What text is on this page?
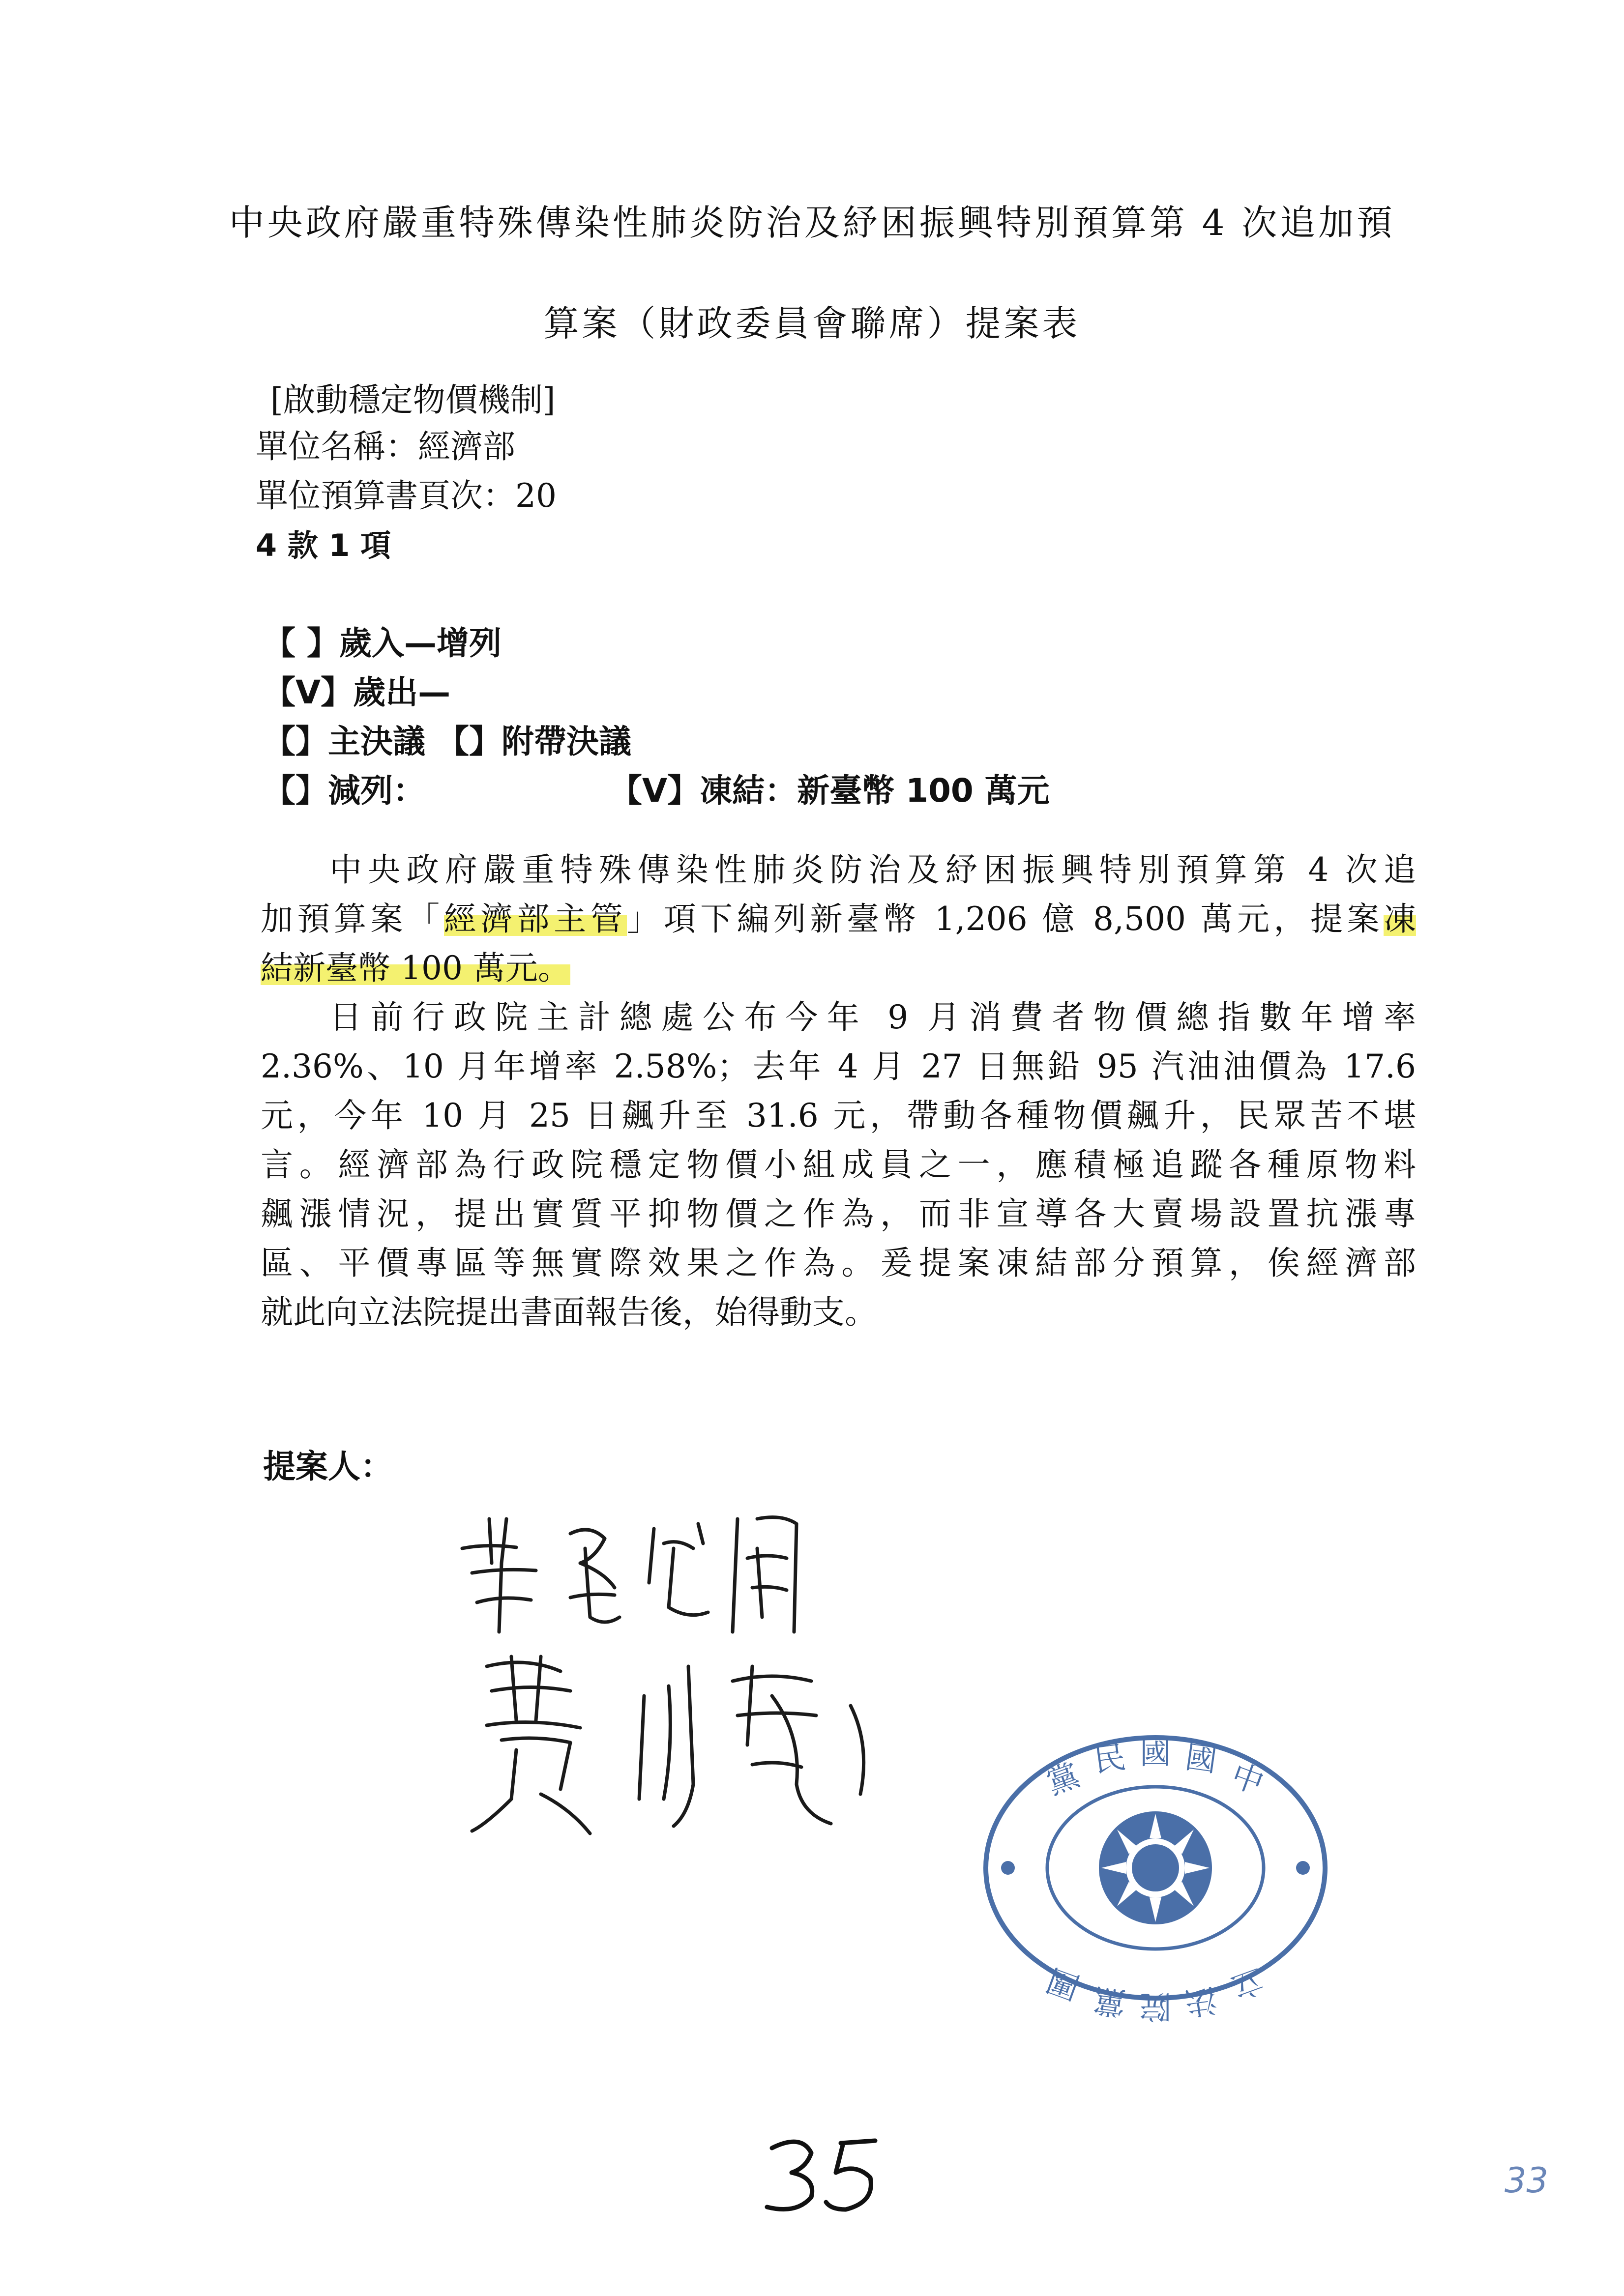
中央政府嚴重特殊傳染性肺炎防治及紓困振興特別預算第 4 次追加預
算案（財政委員會聯席）提案表
[啟動穩定物價機制]
單位名稱：經濟部
單位預算書頁次：20
4 款 1 項
【 】歲入—增列
【V】歲出—
【】主決議 【】附帶決議
【】減列：	【V】凍結：新臺幣 100 萬元
中央政府嚴重特殊傳染性肺炎防治及紓困振興特別預算第 4 次追
加預算案「經濟部主管」項下編列新臺幣 1,206 億 8,500 萬元，提案凍
結新臺幣 100 萬元。
日前行政院主計總處公布今年 9 月消費者物價總指數年增率
2.36%、10 月年增率 2.58%；去年 4 月 27 日無鉛 95 汽油油價為 17.6
元，今年 10 月 25 日飆升至 31.6 元，帶動各種物價飆升，民眾苦不堪
言。經濟部為行政院穩定物價小組成員之一，應積極追蹤各種原物料
飆漲情況，提出實質平抑物價之作為，而非宣導各大賣場設置抗漲專
區、平價專區等無實際效果之作為。爰提案凍結部分預算，俟經濟部
就此向立法院提出書面報告後，始得動支。
提案人：
黨 民 國 國 中
團 黨 院 法 立
33
